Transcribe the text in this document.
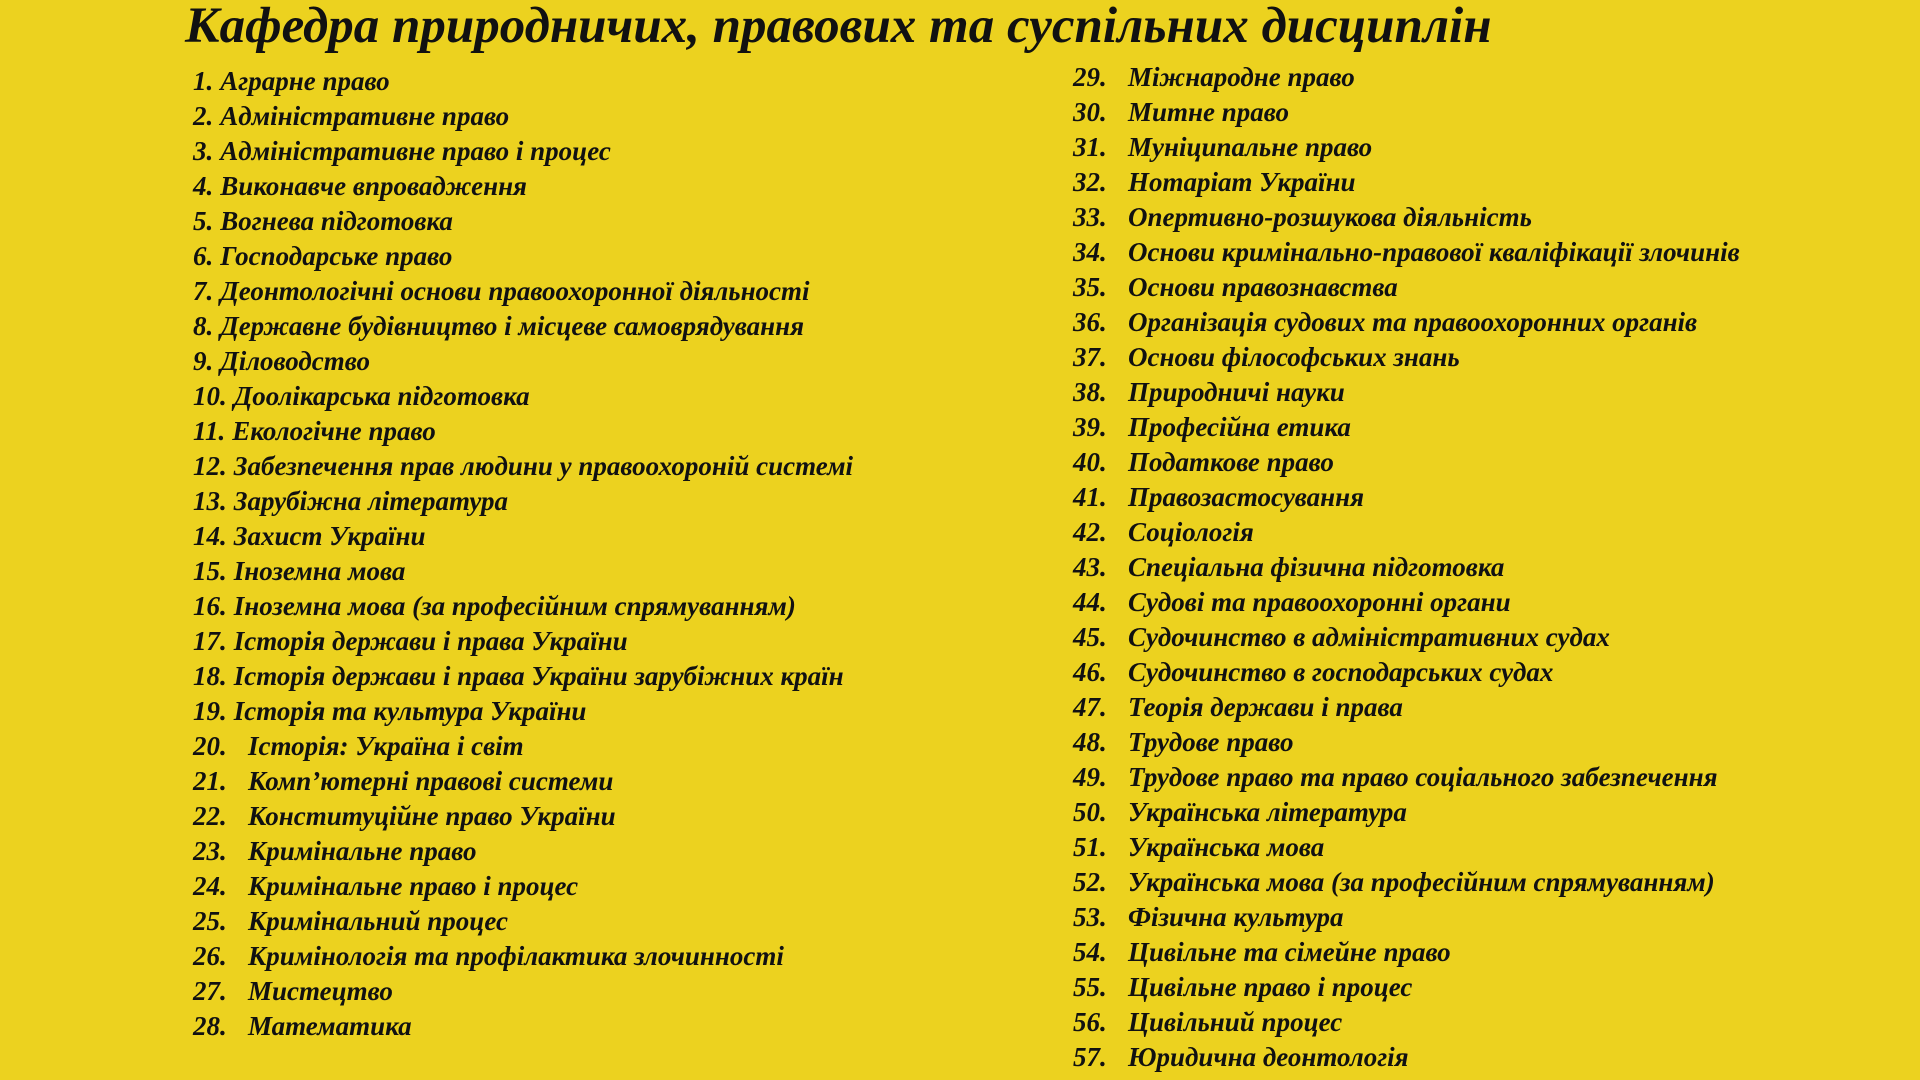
Кафедра природничих, правових та суспільних дисциплін
1. Аграрне право
2. Адміністративне право
3. Адміністративне право і процес
4. Виконавче впровадження
5. Вогнева підготовка
6. Господарське право
7. Деонтологічні основи правоохоронної діяльності
8. Державне будівництво і місцеве самоврядування
9. Діловодство
10. Доолікарська підготовка
11. Екологічне право
12. Забезпечення прав людини у правоохороній системі
13. Зарубіжна література
14. Захист України
15. Іноземна мова
16. Іноземна мова (за професійним спрямуванням)
17. Історія держави і права України
18. Історія держави і права України зарубіжних країн
19. Історія та культура України
20. Історія: Україна і світ
21. Комп’ютерні правові системи
22. Конституційне право України
23. Кримінальне право
24. Кримінальне право і процес
25. Кримінальний процес
26. Кримінологія та профілактика злочинності
27. Мистецтво
28. Математика
29. Міжнародне право
30. Митне право
31. Муніципальне право
32. Нотаріат України
33. Опертивно-розшукова діяльність
34. Основи кримінально-правової кваліфікації злочинів
35. Основи правознавства
36. Організація судових та правоохоронних органів
37. Основи філософських знань
38. Природничі науки
39. Професійна етика
40. Податкове право
41. Правозастосування
42. Соціологія
43. Спеціальна фізична підготовка
44. Судові та правоохоронні органи
45. Судочинство в адміністративних судах
46. Судочинство в господарських судах
47. Теорія держави і права
48. Трудове право
49. Трудове право та право соціального забезпечення
50. Українська література
51. Українська мова
52. Українська мова (за професійним спрямуванням)
53. Фізична культура
54. Цивільне та сімейне право
55. Цивільне право і процес
56. Цивільний процес
57. Юридична деонтологія
